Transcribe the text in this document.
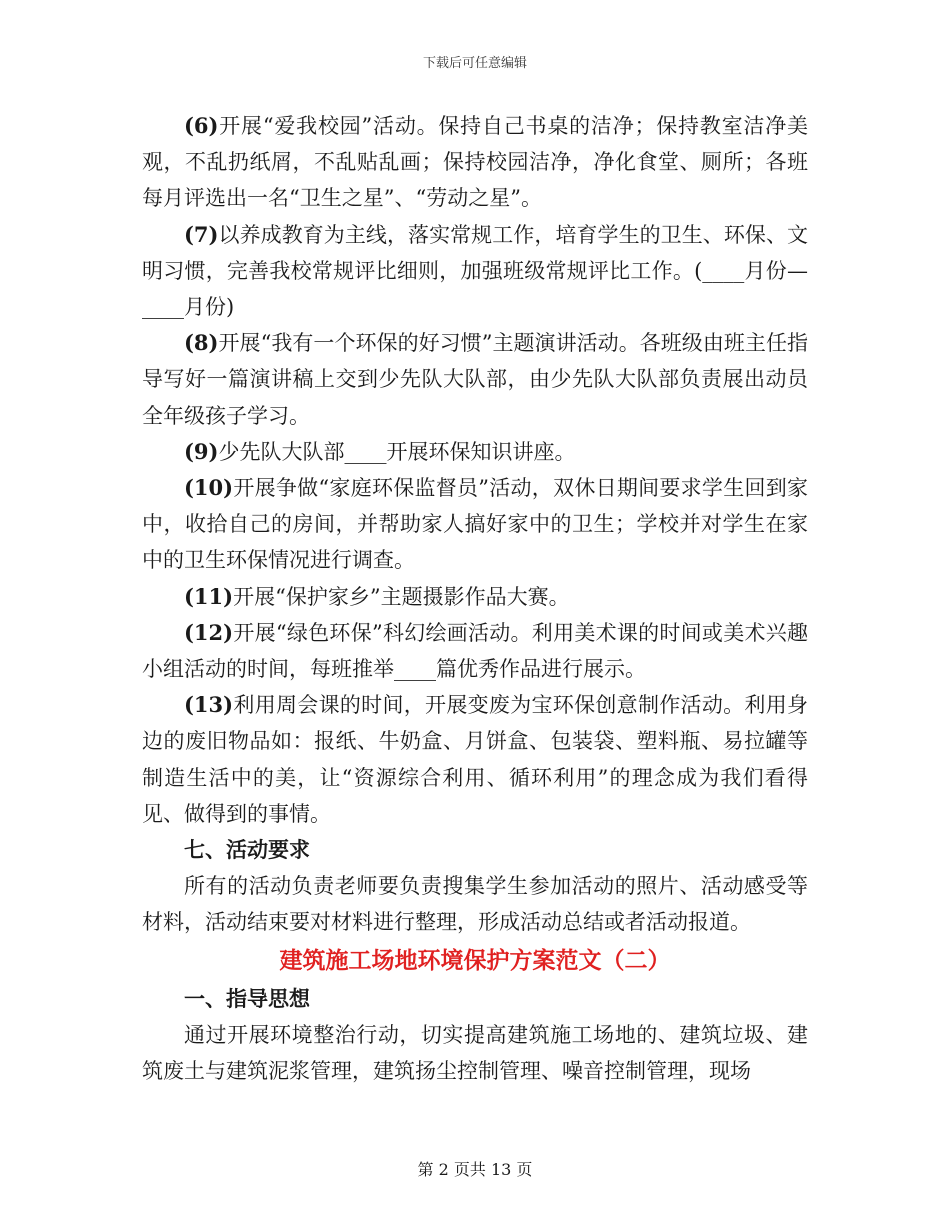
下载后可任意编辑

(6)开展“爱我校园”活动。保持自己书桌的洁净；保持教室洁净美观，不乱扔纸屑，不乱贴乱画；保持校园洁净，净化食堂、厕所；各班每月评选出一名“卫生之星”、“劳动之星”。

(7)以养成教育为主线，落实常规工作，培育学生的卫生、环保、文明习惯，完善我校常规评比细则，加强班级常规评比工作。(____月份—____月份)

(8)开展“我有一个环保的好习惯”主题演讲活动。各班级由班主任指导写好一篇演讲稿上交到少先队大队部，由少先队大队部负责展出动员全年级孩子学习。

(9)少先队大队部____开展环保知识讲座。

(10)开展争做“家庭环保监督员”活动，双休日期间要求学生回到家中，收拾自己的房间，并帮助家人搞好家中的卫生；学校并对学生在家中的卫生环保情况进行调查。

(11)开展“保护家乡”主题摄影作品大赛。

(12)开展“绿色环保”科幻绘画活动。利用美术课的时间或美术兴趣小组活动的时间，每班推举____篇优秀作品进行展示。

(13)利用周会课的时间，开展变废为宝环保创意制作活动。利用身边的废旧物品如：报纸、牛奶盒、月饼盒、包装袋、塑料瓶、易拉罐等制造生活中的美，让“资源综合利用、循环利用”的理念成为我们看得见、做得到的事情。

七、活动要求

所有的活动负责老师要负责搜集学生参加活动的照片、活动感受等材料，活动结束要对材料进行整理，形成活动总结或者活动报道。

建筑施工场地环境保护方案范文（二）

一、指导思想

通过开展环境整治行动，切实提高建筑施工场地的、建筑垃圾、建筑废土与建筑泥浆管理，建筑扬尘控制管理、噪音控制管理，现场

第 2 页共 13 页
